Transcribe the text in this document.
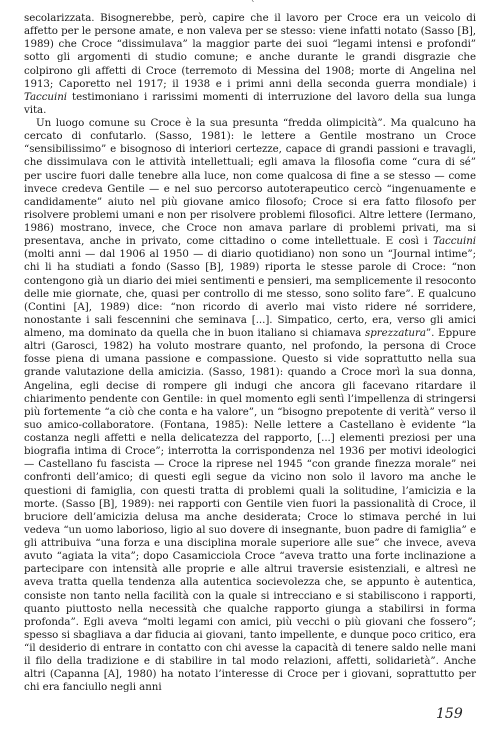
`

secolarizzata. Bisognerebbe, però, capire che il lavoro per Croce era un veicolo di affetto per le persone amate, e non valeva per se stesso: viene infatti notato (Sasso [B], 1989) che Croce “dissimulava” la maggior parte dei suoi “legami intensi e profondi” sotto gli argomenti di studio comune; e anche durante le grandi disgrazie che colpirono gli affetti di Croce (terremoto di Messina del 1908; morte di Angelina nel 1913; Caporetto nel 1917; il 1938 e i primi anni della seconda guerra mondiale) i Taccuini testimoniano i rarissimi momenti di interruzione del lavoro della sua lunga vita.

Un luogo comune su Croce è la sua presunta “fredda olimpicità”. Ma qualcuno ha cercato di confutarlo. (Sasso, 1981): le lettere a Gentile mostrano un Croce “sensibilissimo” e bisognoso di interiori certezze, capace di grandi passioni e travagli, che dissimulava con le attività intellettuali; egli amava la filosofia come “cura di sé” per uscire fuori dalle tenebre alla luce, non come qualcosa di fine a se stesso — come invece credeva Gentile — e nel suo percorso autoterapeutico cercò “ingenuamente e candidamente” aiuto nel più giovane amico filosofo; Croce si era fatto filosofo per risolvere problemi umani e non per risolvere problemi filosofici. Altre lettere (Iermano, 1986) mostrano, invece, che Croce non amava parlare di problemi privati, ma si presentava, anche in privato, come cittadino o come intellettuale. E così i Taccuini (molti anni — dal 1906 al 1950 — di diario quotidiano) non sono un “Journal intime”; chi li ha studiati a fondo (Sasso [B], 1989) riporta le stesse parole di Croce: “non contengono già un diario dei miei sentimenti e pensieri, ma semplicemente il resoconto delle mie giornate, che, quasi per controllo di me stesso, sono solito fare”. E qualcuno (Contini [A], 1989) dice: “non ricordo di averlo mai visto ridere né sorridere, nonostante i sali fescennini che seminava [...]. Simpatico, certo, era, verso gli amici almeno, ma dominato da quella che in buon italiano si chiamava sprezzatura”. Eppure altri (Garosci, 1982) ha voluto mostrare quanto, nel profondo, la persona di Croce fosse piena di umana passione e compassione. Questo si vide soprattutto nella sua grande valutazione della amicizia. (Sasso, 1981): quando a Croce morì la sua donna, Angelina, egli decise di rompere gli indugi che ancora gli facevano ritardare il chiarimento pendente con Gentile: in quel momento egli sentì l’impellenza di stringersi più fortemente “a ciò che conta e ha valore”, un “bisogno prepotente di verità” verso il suo amico-collaboratore. (Fontana, 1985): Nelle lettere a Castellano è evidente “la costanza negli affetti e nella delicatezza del rapporto, [...] elementi preziosi per una biografia intima di Croce”; interrotta la corrispondenza nel 1936 per motivi ideologici — Castellano fu fascista — Croce la riprese nel 1945 “con grande finezza morale” nei confronti dell’amico; di questi egli segue da vicino non solo il lavoro ma anche le questioni di famiglia, con questi tratta di problemi quali la solitudine, l’amicizia e la morte. (Sasso [B], 1989): nei rapporti con Gentile vien fuori la passionalità di Croce, il bruciore dell’amicizia delusa ma anche desiderata; Croce lo stimava perché in lui vedeva “un uomo laborioso, ligio al suo dovere di insegnante, buon padre di famiglia” e gli attribuiva “una forza e una disciplina morale superiore alle sue” che invece, aveva avuto “agiata la vita”; dopo Casamicciola Croce “aveva tratto una forte inclinazione a partecipare con intensità alle proprie e alle altrui traversie esistenziali, e altresì ne aveva tratta quella tendenza alla autentica socievolezza che, se appunto è autentica, consiste non tanto nella facilità con la quale si intrecciano e si stabiliscono i rapporti, quanto piuttosto nella necessità che qualche rapporto giunga a stabilirsi in forma profonda”. Egli aveva “molti legami con amici, più vecchi o più giovani che fossero”; spesso si sbagliava a dar fiducia ai giovani, tanto impellente, e dunque poco critico, era “il desiderio di entrare in contatto con chi avesse la capacità di tenere saldo nelle mani il filo della tradizione e di stabilire in tal modo relazioni, affetti, solidarietà”. Anche altri (Capanna [A], 1980) ha notato l’interesse di Croce per i giovani, soprattutto per chi era fanciullo negli anni

159
